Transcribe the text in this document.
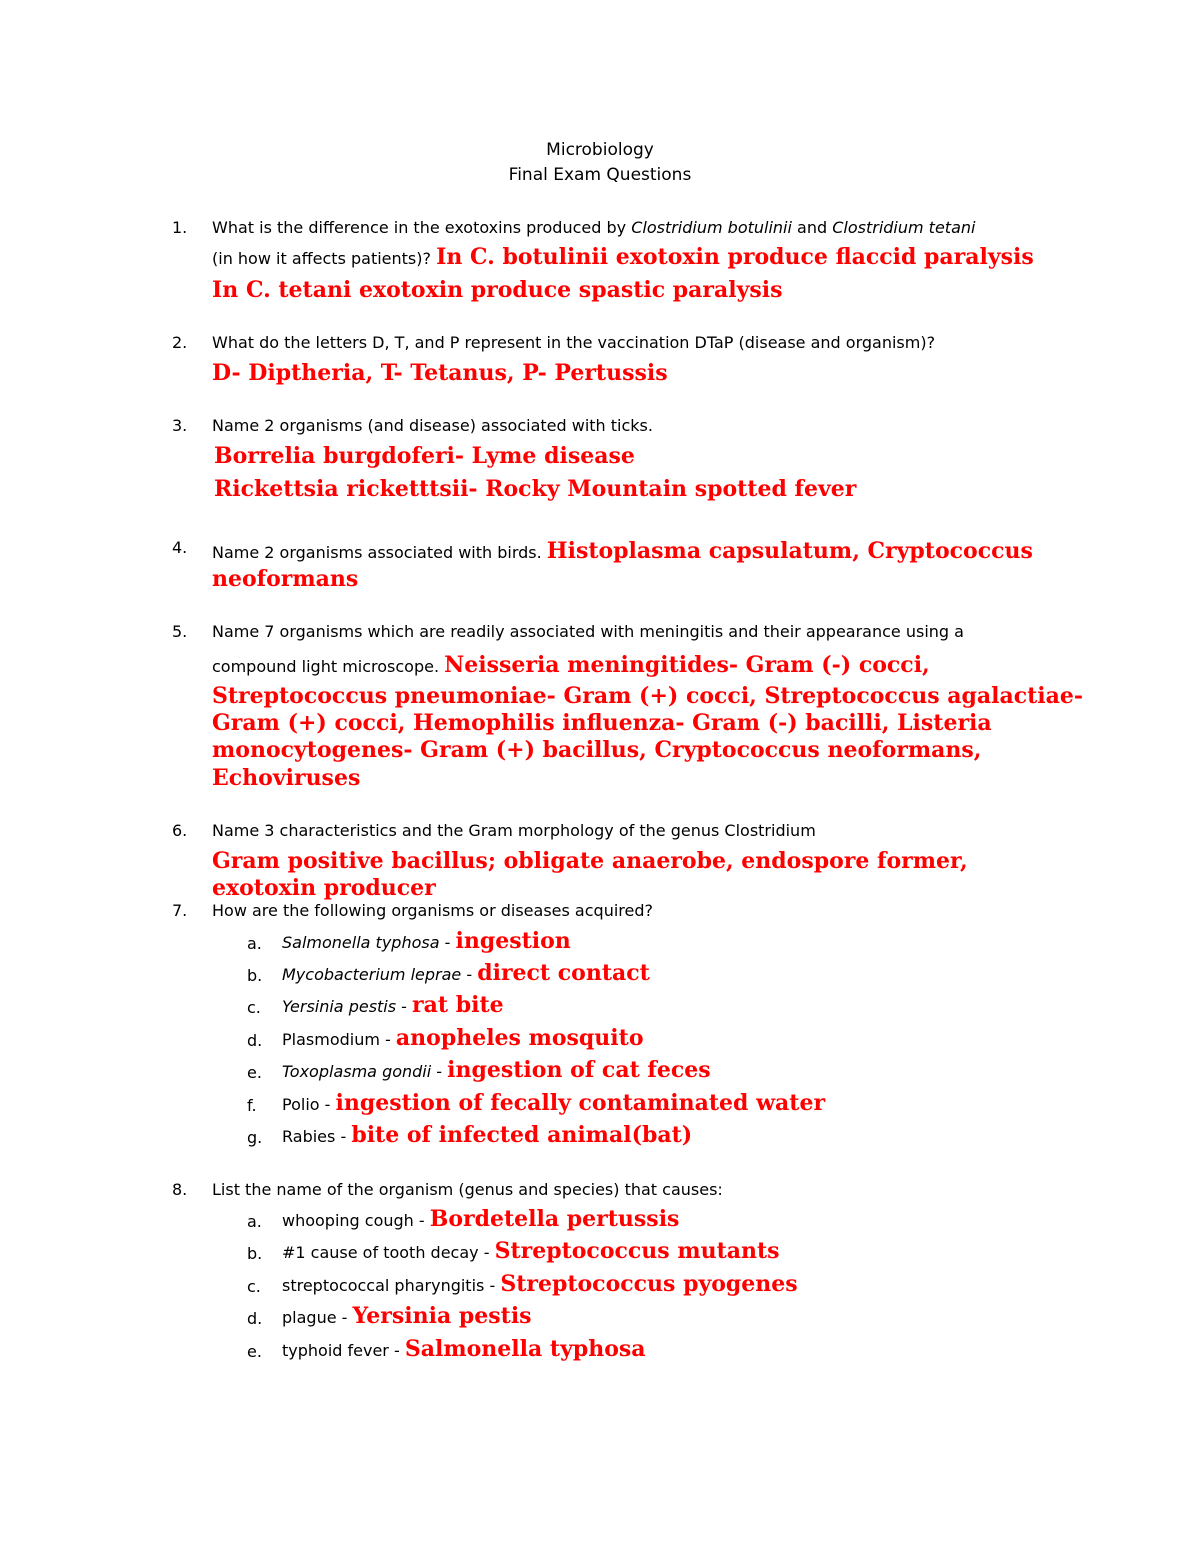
Microbiology
Final Exam Questions
1. What is the difference in the exotoxins produced by Clostridium botulinii and Clostridium tetani
(in how it affects patients)? In C. botulinii exotoxin produce flaccid paralysis
In C. tetani exotoxin produce spastic paralysis
2. What do the letters D, T, and P represent in the vaccination DTaP (disease and organism)?
D- Diptheria, T- Tetanus, P- Pertussis
3. Name 2 organisms (and disease) associated with ticks.
Borrelia burgdoferi- Lyme disease
Rickettsia ricketttsii- Rocky Mountain spotted fever
4. Name 2 organisms associated with birds. Histoplasma capsulatum, Cryptococcus
neoformans
5. Name 7 organisms which are readily associated with meningitis and their appearance using a
compound light microscope. Neisseria meningitides- Gram (-) cocci,
Streptococcus pneumoniae- Gram (+) cocci, Streptococcus agalactiae-
Gram (+) cocci, Hemophilis influenza- Gram (-) bacilli, Listeria
monocytogenes- Gram (+) bacillus, Cryptococcus neoformans,
Echoviruses
6. Name 3 characteristics and the Gram morphology of the genus Clostridium
Gram positive bacillus; obligate anaerobe, endospore former,
exotoxin producer
7. How are the following organisms or diseases acquired?
a. Salmonella typhosa - ingestion
b. Mycobacterium leprae - direct contact
c. Yersinia pestis - rat bite
d. Plasmodium - anopheles mosquito
e. Toxoplasma gondii - ingestion of cat feces
f. Polio - ingestion of fecally contaminated water
g. Rabies - bite of infected animal(bat)
8. List the name of the organism (genus and species) that causes:
a. whooping cough - Bordetella pertussis
b. #1 cause of tooth decay - Streptococcus mutants
c. streptococcal pharyngitis - Streptococcus pyogenes
d. plague - Yersinia pestis
e. typhoid fever - Salmonella typhosa
